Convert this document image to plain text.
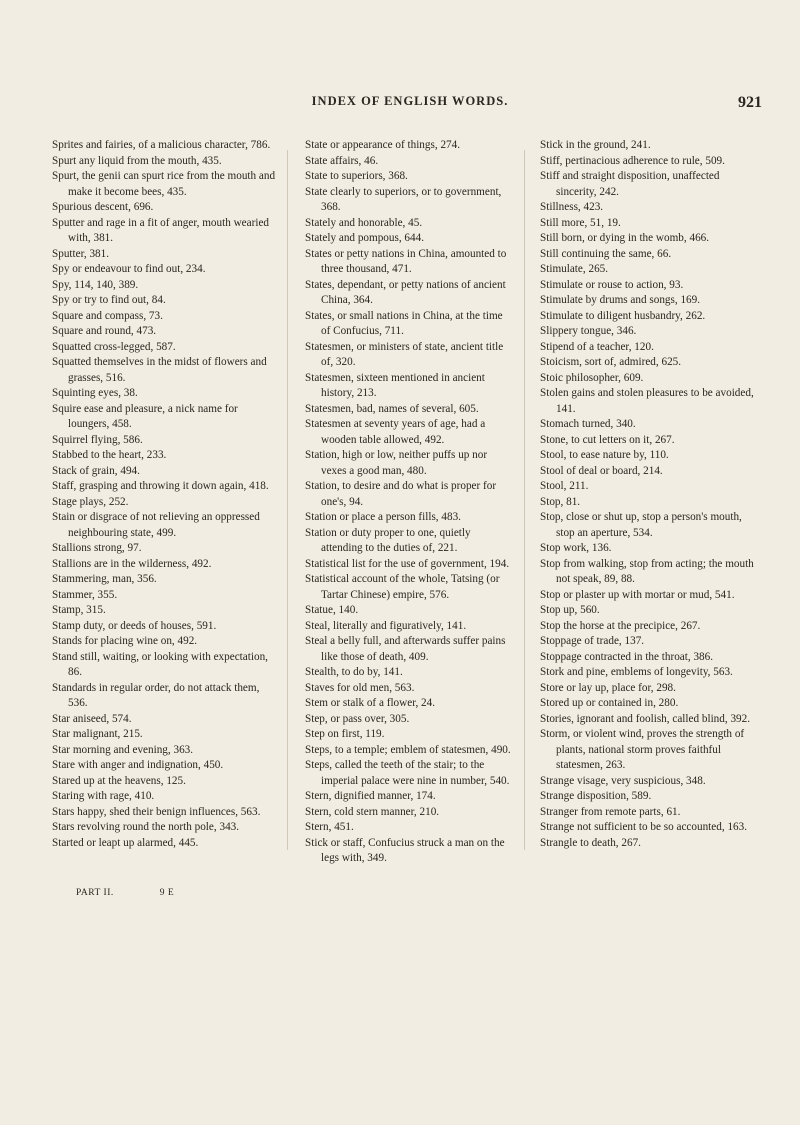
INDEX OF ENGLISH WORDS.	921

Sprites and fairies, of a malicious character, 786.

Spurt any liquid from the mouth, 435.

Spurt, the genii can spurt rice from the mouth and make it become bees, 435.

Spurious descent, 696.

Sputter and rage in a fit of anger, mouth wearied with, 381.

Sputter, 381.

Spy or endeavour to find out, 234.

Spy, 114, 140, 389.

Spy or try to find out, 84.

Square and compass, 73.

Square and round, 473.

Squatted cross-legged, 587.

Squatted themselves in the midst of flowers and grasses, 516.

Squinting eyes, 38.

Squire ease and pleasure, a nick name for loungers, 458.

Squirrel flying, 586.

Stabbed to the heart, 233.

Stack of grain, 494.

Staff, grasping and throwing it down again, 418.

Stage plays, 252.

Stain or disgrace of not relieving an oppressed neighbouring state, 499.

Stallions strong, 97.

Stallions are in the wilderness, 492.

Stammering, man, 356.

Stammer, 355.

Stamp, 315.

Stamp duty, or deeds of houses, 591.

Stands for placing wine on, 492.

Stand still, waiting, or looking with expectation, 86.

Standards in regular order, do not attack them, 536.

Star aniseed, 574.

Star malignant, 215.

Star morning and evening, 363.

Stare with anger and indignation, 450.

Stared up at the heavens, 125.

Staring with rage, 410.

Stars happy, shed their benign influences, 563.

Stars revolving round the north pole, 343.

Started or leapt up alarmed, 445.

State or appearance of things, 274.

State affairs, 46.

State to superiors, 368.

State clearly to superiors, or to government, 368.

Stately and honorable, 45.

Stately and pompous, 644.

States or petty nations in China, amounted to three thousand, 471.

States, dependant, or petty nations of ancient China, 364.

States, or small nations in China, at the time of Confucius, 711.

Statesmen, or ministers of state, ancient title of, 320.

Statesmen, sixteen mentioned in ancient history, 213.

Statesmen, bad, names of several, 605.

Statesmen at seventy years of age, had a wooden table allowed, 492.

Station, high or low, neither puffs up nor vexes a good man, 480.

Station, to desire and do what is proper for one's, 94.

Station or place a person fills, 483.

Station or duty proper to one, quietly attending to the duties of, 221.

Statistical list for the use of government, 194.

Statistical account of the whole, Tatsing (or Tartar Chinese) empire, 576.

Statue, 140.

Steal, literally and figuratively, 141.

Steal a belly full, and afterwards suffer pains like those of death, 409.

Stealth, to do by, 141.

Staves for old men, 563.

Stem or stalk of a flower, 24.

Step, or pass over, 305.

Step on first, 119.

Steps, to a temple; emblem of statesmen, 490.

Steps, called the teeth of the stair; to the imperial palace were nine in number, 540.

Stern, dignified manner, 174.

Stern, cold stern manner, 210.

Stern, 451.

Stick or staff, Confucius struck a man on the legs with, 349.

Stick in the ground, 241.

Stiff, pertinacious adherence to rule, 509.

Stiff and straight disposition, unaffected sincerity, 242.

Stillness, 423.

Still more, 51, 19.

Still born, or dying in the womb, 466.

Still continuing the same, 66.

Stimulate, 265.

Stimulate or rouse to action, 93.

Stimulate by drums and songs, 169.

Stimulate to diligent husbandry, 262.

Slippery tongue, 346.

Stipend of a teacher, 120.

Stoicism, sort of, admired, 625.

Stoic philosopher, 609.

Stolen gains and stolen pleasures to be avoided, 141.

Stomach turned, 340.

Stone, to cut letters on it, 267.

Stool, to ease nature by, 110.

Stool of deal or board, 214.

Stool, 211.

Stop, 81.

Stop, close or shut up, stop a person's mouth, stop an aperture, 534.

Stop work, 136.

Stop from walking, stop from acting; the mouth not speak, 89, 88.

Stop or plaster up with mortar or mud, 541.

Stop up, 560.

Stop the horse at the precipice, 267.

Stoppage of trade, 137.

Stoppage contracted in the throat, 386.

Stork and pine, emblems of longevity, 563.

Store or lay up, place for, 298.

Stored up or contained in, 280.

Stories, ignorant and foolish, called blind, 392.

Storm, or violent wind, proves the strength of plants, national storm proves faithful statesmen, 263.

Strange visage, very suspicious, 348.

Strange disposition, 589.

Stranger from remote parts, 61.

Strange not sufficient to be so accounted, 163.

Strangle to death, 267.

PART II.	9 E
